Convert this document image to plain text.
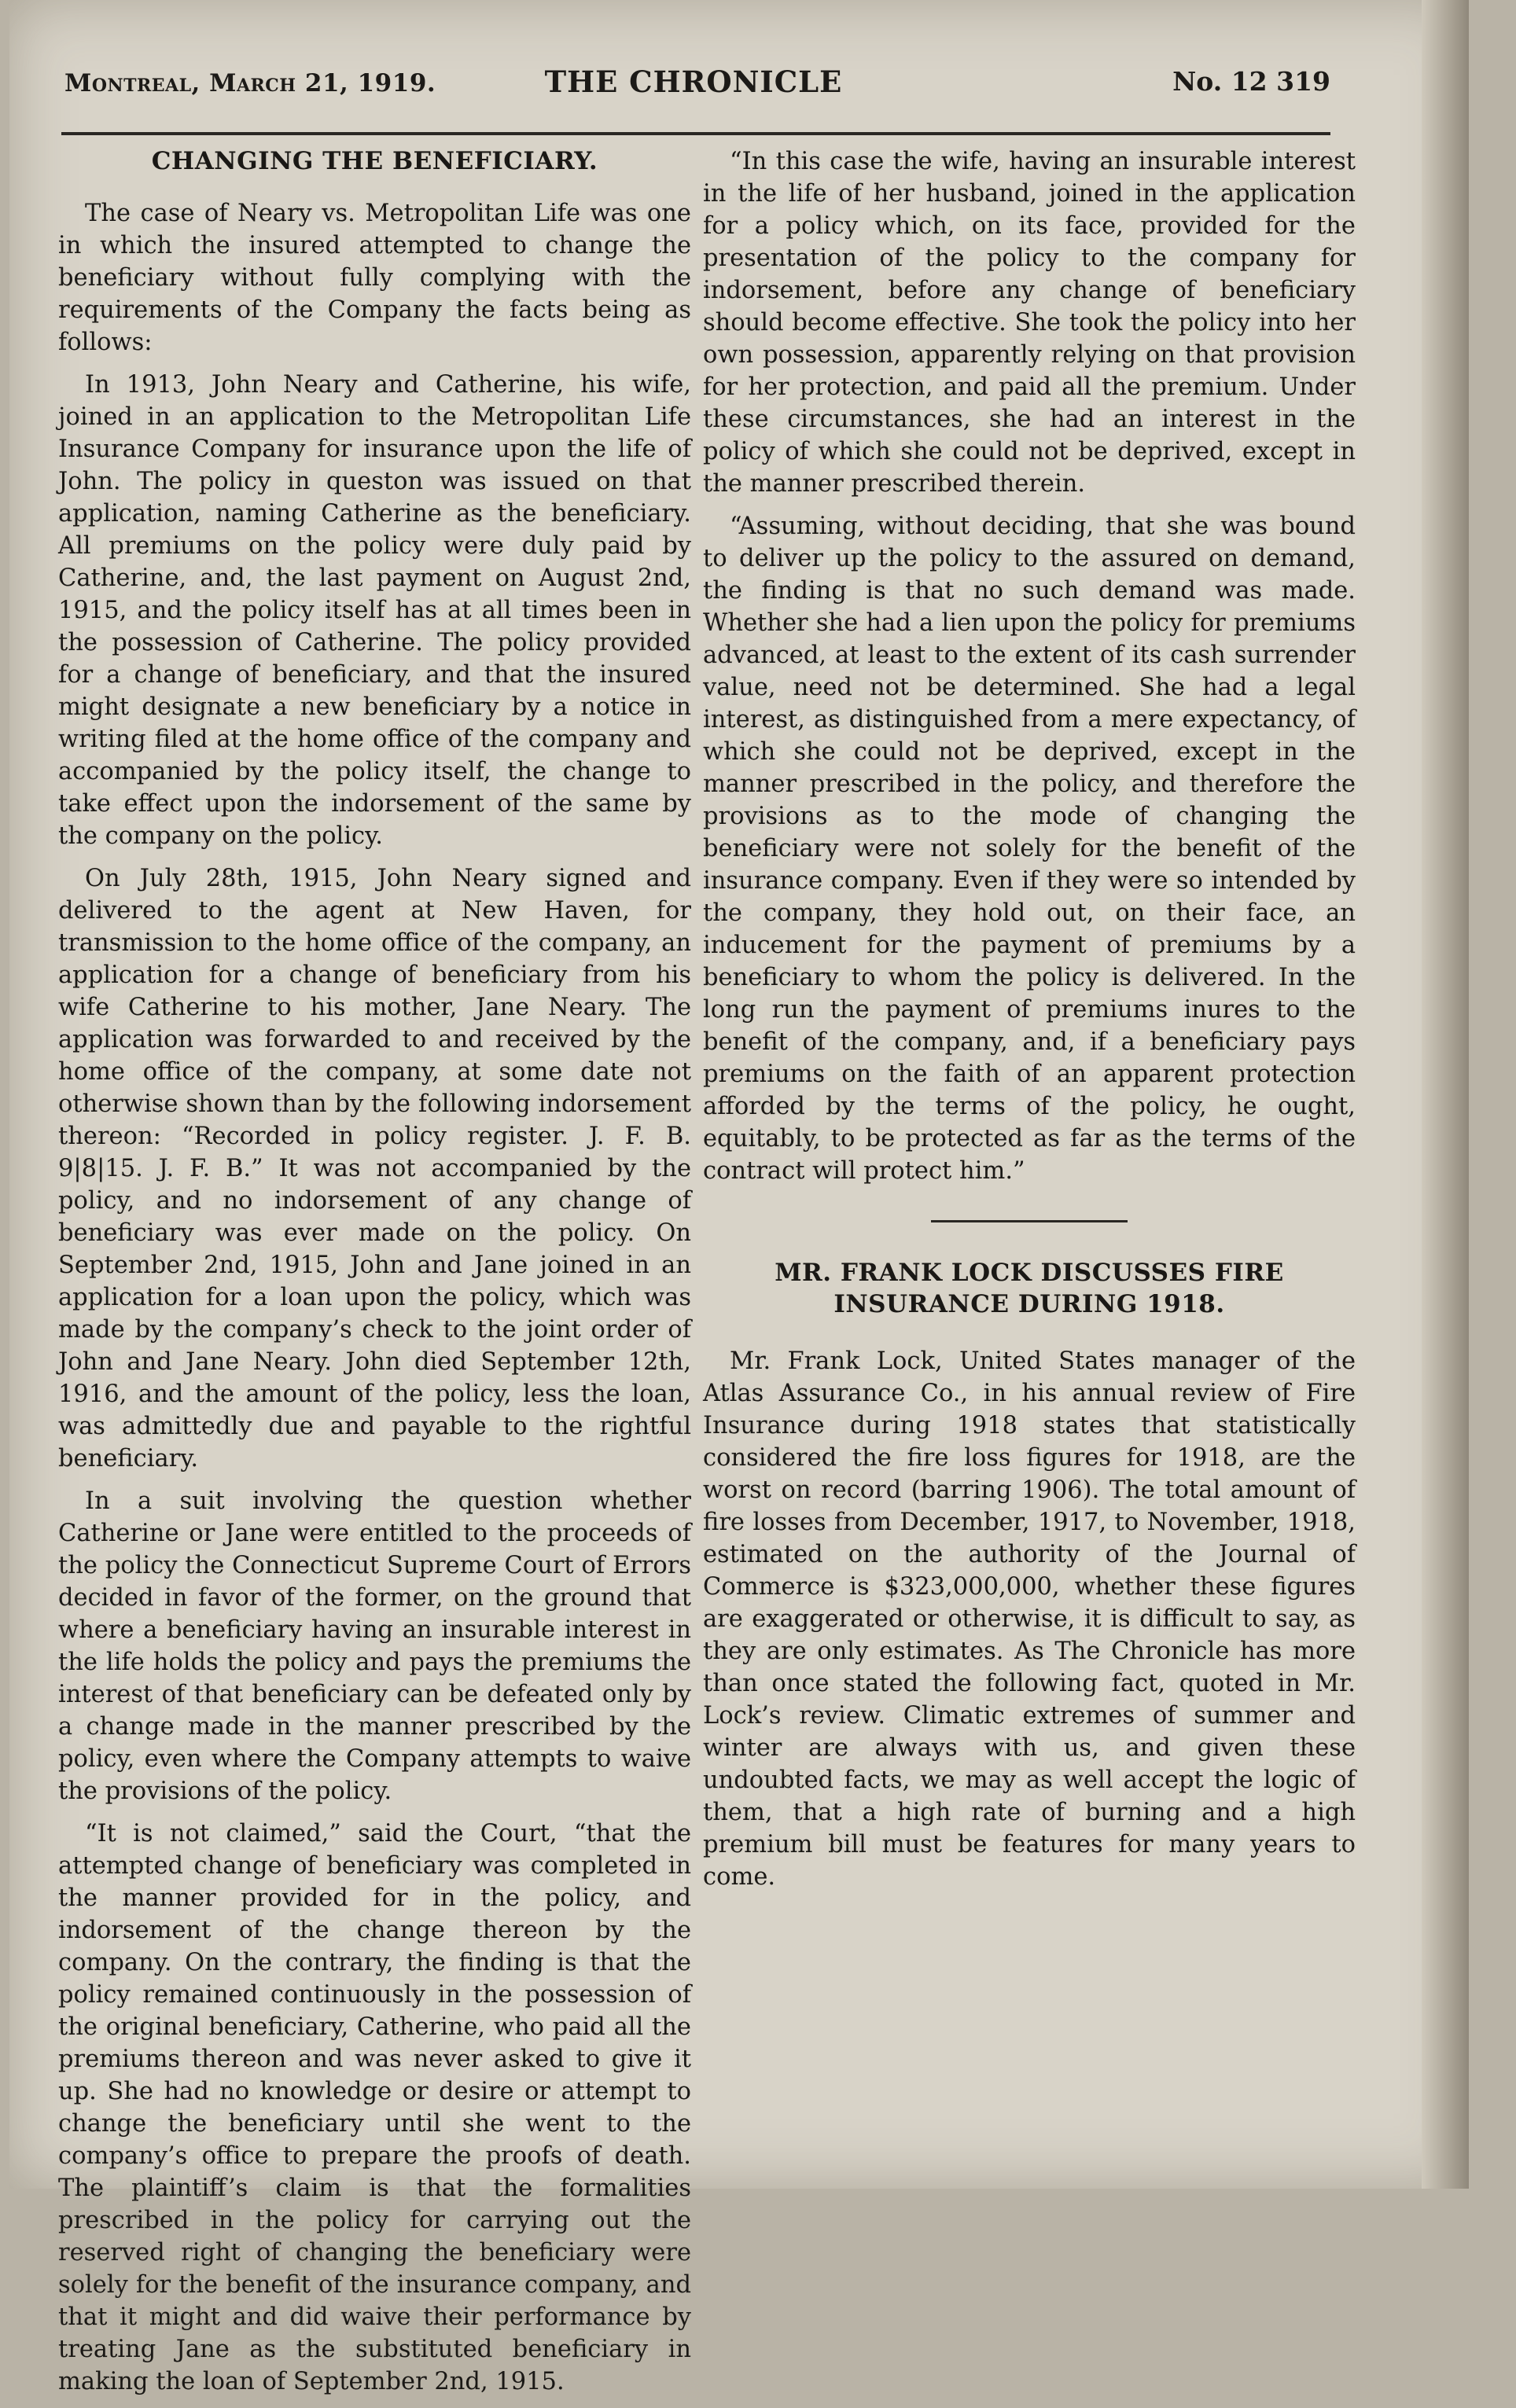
Montreal, March 21, 1919.	THE CHRONICLE	No. 12 319
CHANGING THE BENEFICIARY.

The case of Neary vs. Metropolitan Life was one in which the insured attempted to change the beneficiary without fully complying with the requirements of the Company the facts being as follows:

In 1913, John Neary and Catherine, his wife, joined in an application to the Metropolitan Life Insurance Company for insurance upon the life of John. The policy in queston was issued on that application, naming Catherine as the beneficiary. All premiums on the policy were duly paid by Catherine, and, the last payment on August 2nd, 1915, and the policy itself has at all times been in the possession of Catherine. The policy provided for a change of beneficiary, and that the insured might designate a new beneficiary by a notice in writing filed at the home office of the company and accompanied by the policy itself, the change to take effect upon the indorsement of the same by the company on the policy.

On July 28th, 1915, John Neary signed and delivered to the agent at New Haven, for transmission to the home office of the company, an application for a change of beneficiary from his wife Catherine to his mother, Jane Neary. The application was forwarded to and received by the home office of the company, at some date not otherwise shown than by the following indorsement thereon: “Recorded in policy register. J. F. B. 9|8|15. J. F. B.” It was not accompanied by the policy, and no indorsement of any change of beneficiary was ever made on the policy. On September 2nd, 1915, John and Jane joined in an application for a loan upon the policy, which was made by the company’s check to the joint order of John and Jane Neary. John died September 12th, 1916, and the amount of the policy, less the loan, was admittedly due and payable to the rightful beneficiary.

In a suit involving the question whether Catherine or Jane were entitled to the proceeds of the policy the Connecticut Supreme Court of Errors decided in favor of the former, on the ground that where a beneficiary having an insurable interest in the life holds the policy and pays the premiums the interest of that beneficiary can be defeated only by a change made in the manner prescribed by the policy, even where the Company attempts to waive the provisions of the policy.

“It is not claimed,” said the Court, “that the attempted change of beneficiary was completed in the manner provided for in the policy, and indorsement of the change thereon by the company. On the contrary, the finding is that the policy remained continuously in the possession of the original beneficiary, Catherine, who paid all the premiums thereon and was never asked to give it up. She had no knowledge or desire or attempt to change the beneficiary until she went to the company’s office to prepare the proofs of death. The plaintiff’s claim is that the formalities prescribed in the policy for carrying out the reserved right of changing the beneficiary were solely for the benefit of the insurance company, and that it might and did waive their performance by treating Jane as the substituted beneficiary in making the loan of September 2nd, 1915.

“In this case the wife, having an insurable interest in the life of her husband, joined in the application for a policy which, on its face, provided for the presentation of the policy to the company for indorsement, before any change of beneficiary should become effective. She took the policy into her own possession, apparently relying on that provision for her protection, and paid all the premium. Under these circumstances, she had an interest in the policy of which she could not be deprived, except in the manner prescribed therein.

“Assuming, without deciding, that she was bound to deliver up the policy to the assured on demand, the finding is that no such demand was made. Whether she had a lien upon the policy for premiums advanced, at least to the extent of its cash surrender value, need not be determined. She had a legal interest, as distinguished from a mere expectancy, of which she could not be deprived, except in the manner prescribed in the policy, and therefore the provisions as to the mode of changing the beneficiary were not solely for the benefit of the insurance company. Even if they were so intended by the company, they hold out, on their face, an inducement for the payment of premiums by a beneficiary to whom the policy is delivered. In the long run the payment of premiums inures to the benefit of the company, and, if a beneficiary pays premiums on the faith of an apparent protection afforded by the terms of the policy, he ought, equitably, to be protected as far as the terms of the contract will protect him.”

MR. FRANK LOCK DISCUSSES FIRE INSURANCE DURING 1918.

Mr. Frank Lock, United States manager of the Atlas Assurance Co., in his annual review of Fire Insurance during 1918 states that statistically considered the fire loss figures for 1918, are the worst on record (barring 1906). The total amount of fire losses from December, 1917, to November, 1918, estimated on the authority of the Journal of Commerce is $323,000,000, whether these figures are exaggerated or otherwise, it is difficult to say, as they are only estimates. As The Chronicle has more than once stated the following fact, quoted in Mr. Lock’s review. Climatic extremes of summer and winter are always with us, and given these undoubted facts, we may as well accept the logic of them, that a high rate of burning and a high premium bill must be features for many years to come.
